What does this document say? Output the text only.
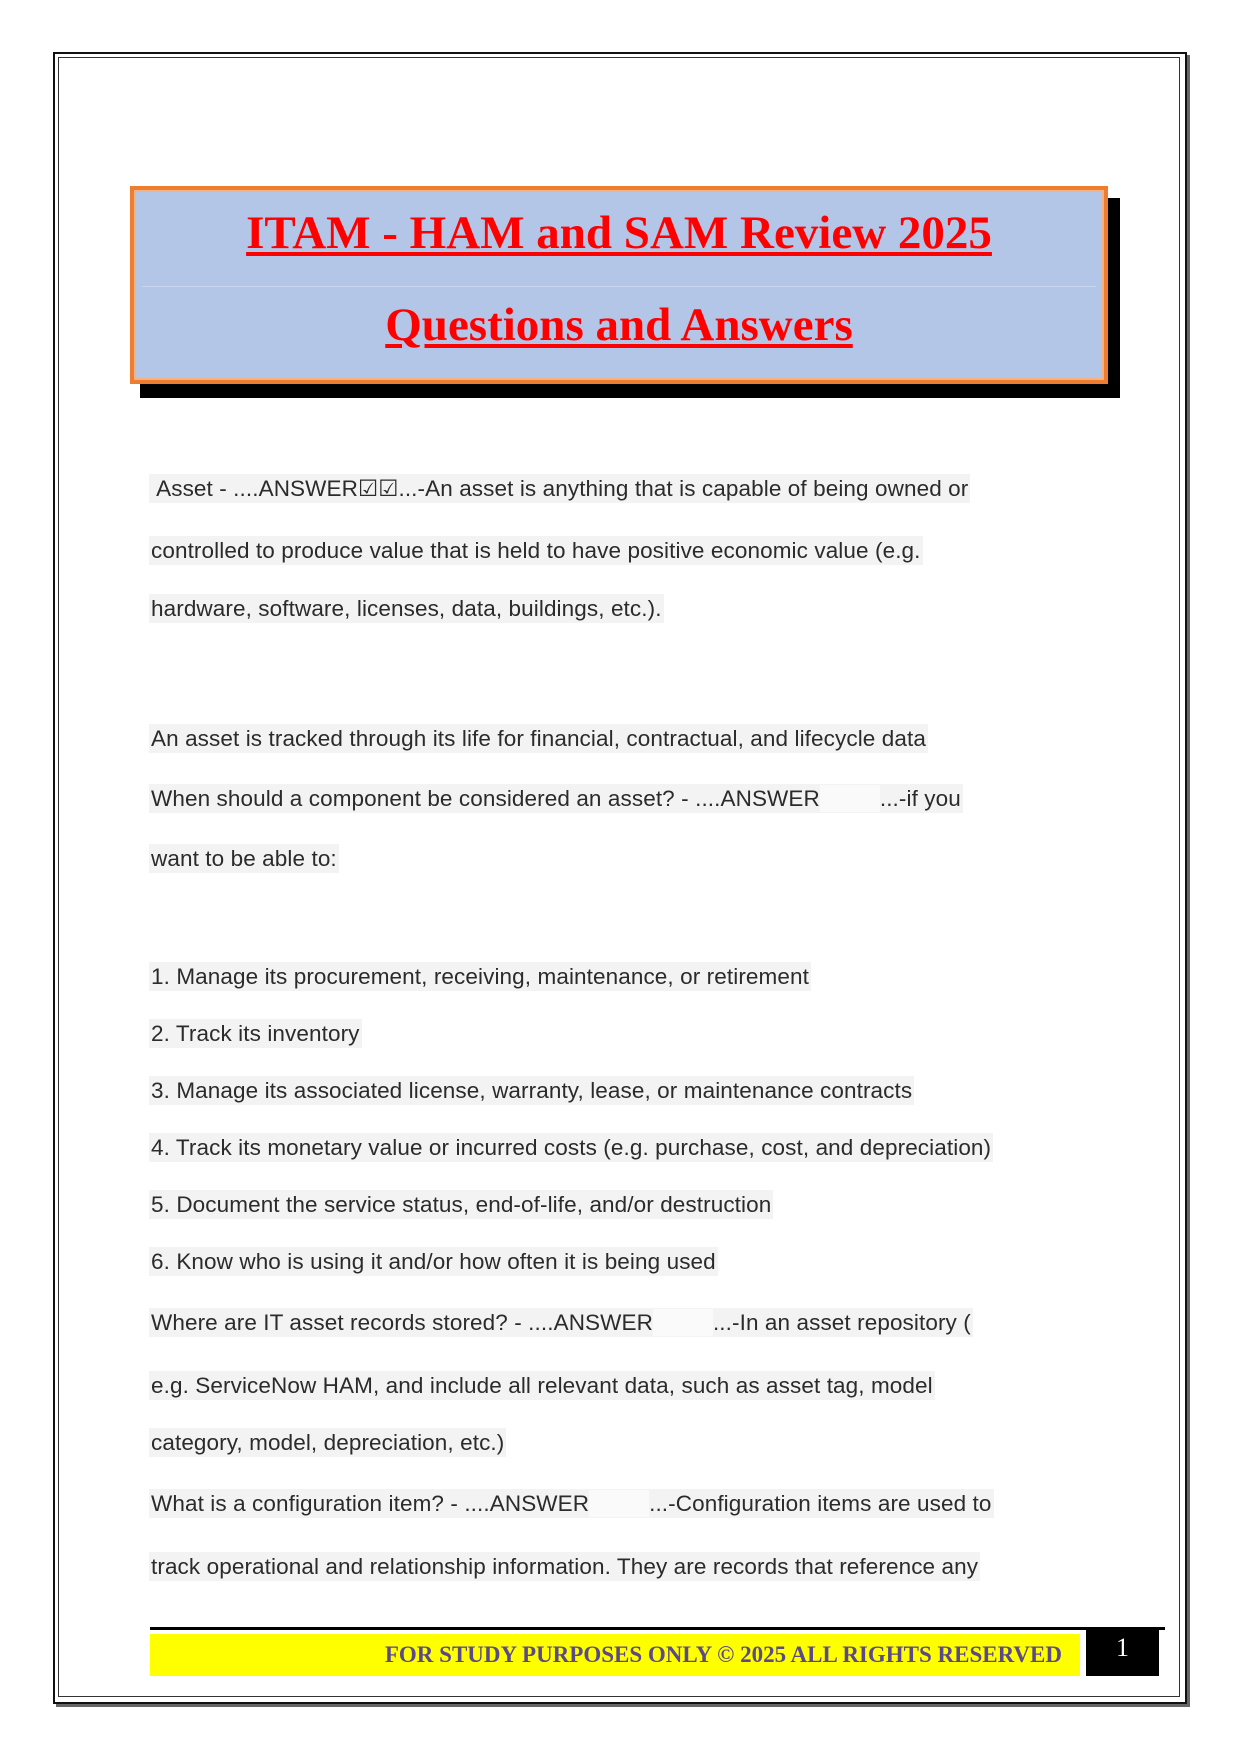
ITAM - HAM and SAM Review 2025
Questions and Answers
Asset - ....ANSWER☑☑...-An asset is anything that is capable of being owned or
controlled to produce value that is held to have positive economic value (e.g.
hardware, software, licenses, data, buildings, etc.).
An asset is tracked through its life for financial, contractual, and lifecycle data
When should a component be considered an asset? - ....ANSWER	...-if you
want to be able to:
1. Manage its procurement, receiving, maintenance, or retirement
2. Track its inventory
3. Manage its associated license, warranty, lease, or maintenance contracts
4. Track its monetary value or incurred costs (e.g. purchase, cost, and depreciation)
5. Document the service status, end-of-life, and/or destruction
6. Know who is using it and/or how often it is being used
Where are IT asset records stored? - ....ANSWER	...-In an asset repository (
e.g. ServiceNow HAM, and include all relevant data, such as asset tag, model
category, model, depreciation, etc.)
What is a configuration item? - ....ANSWER	...-Configuration items are used to
track operational and relationship information. They are records that reference any
FOR STUDY PURPOSES ONLY © 2025 ALL RIGHTS RESERVED	1
